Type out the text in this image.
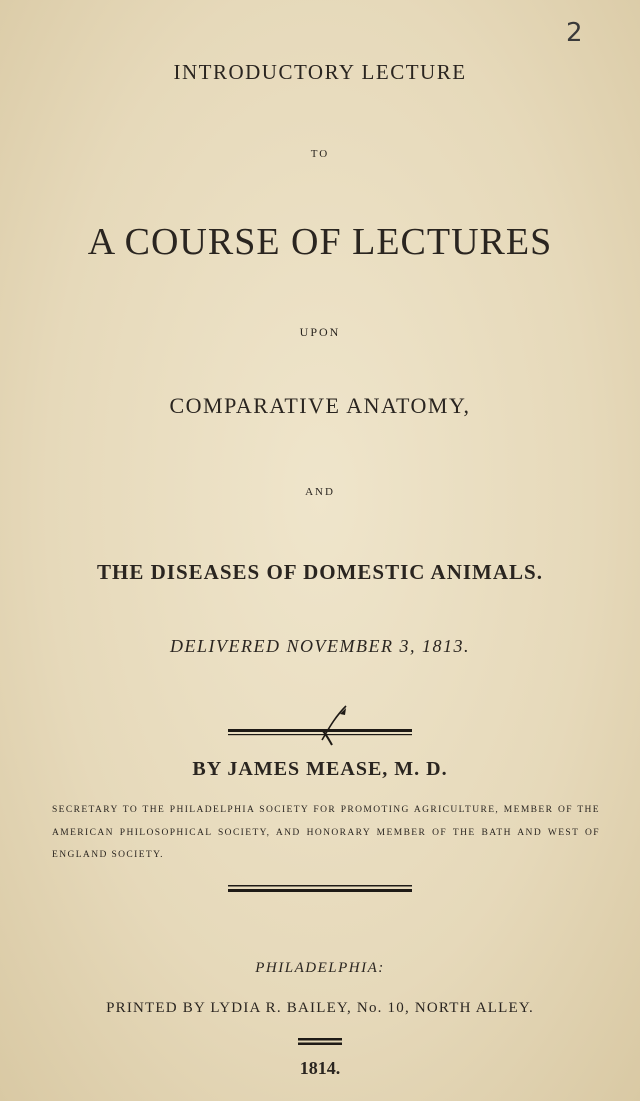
2
INTRODUCTORY LECTURE
TO
A COURSE OF LECTURES
UPON
COMPARATIVE ANATOMY,
AND
THE DISEASES OF DOMESTIC ANIMALS.
DELIVERED NOVEMBER 3, 1813.
BY JAMES MEASE, M. D.
SECRETARY TO THE PHILADELPHIA SOCIETY FOR PROMOTING AGRICULTURE, MEMBER OF THE AMERICAN PHILOSOPHICAL SOCIETY, AND HONORARY MEMBER OF THE BATH AND WEST OF ENGLAND SOCIETY.
PHILADELPHIA:
PRINTED BY LYDIA R. BAILEY, No. 10, NORTH ALLEY.
1814.
